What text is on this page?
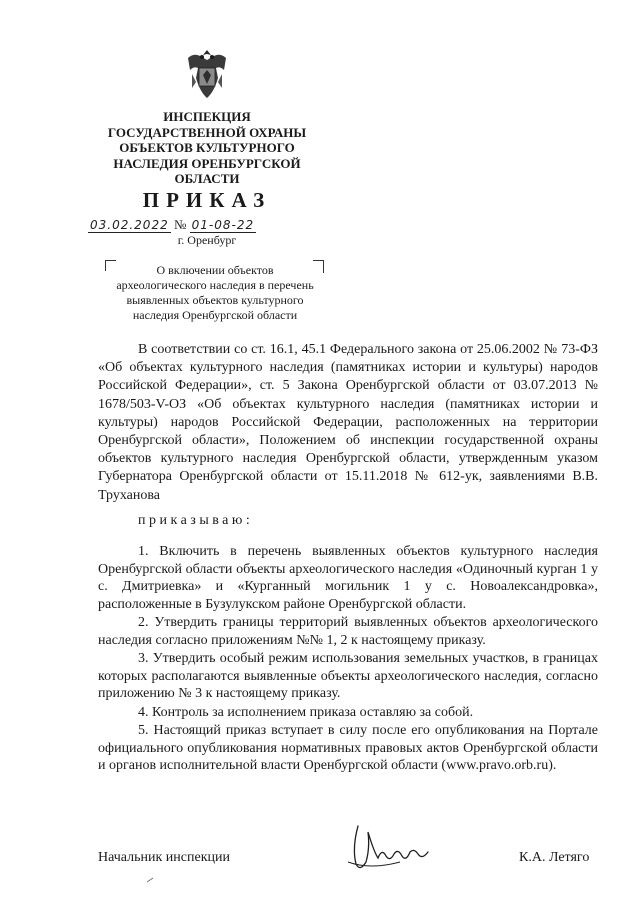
ИНСПЕКЦИЯ
ГОСУДАРСТВЕННОЙ ОХРАНЫ
ОБЪЕКТОВ КУЛЬТУРНОГО
НАСЛЕДИЯ ОРЕНБУРГСКОЙ
ОБЛАСТИ
ПРИКАЗ
03.02.2022 № 01-08-22
г. Оренбург
О включении объектов
археологического наследия в перечень
выявленных объектов культурного
наследия Оренбургской области
В соответствии со ст. 16.1, 45.1 Федерального закона от 25.06.2002 № 73-ФЗ «Об объектах культурного наследия (памятниках истории и культуры) народов Российской Федерации», ст. 5 Закона Оренбургской области от 03.07.2013 № 1678/503-V-ОЗ «Об объектах культурного наследия (памятниках истории и культуры) народов Российской Федерации, расположенных на территории Оренбургской области», Положением об инспекции государственной охраны объектов культурного наследия Оренбургской области, утвержденным указом Губернатора Оренбургской области от 15.11.2018 № 612-ук, заявлениями В.В. Труханова
приказываю:

1. Включить в перечень выявленных объектов культурного наследия Оренбургской области объекты археологического наследия «Одиночный курган 1 у с. Дмитриевка» и «Курганный могильник 1 у с. Новоалександровка», расположенные в Бузулукском районе Оренбургской области.

2. Утвердить границы территорий выявленных объектов археологического наследия согласно приложениям №№ 1, 2 к настоящему приказу.

3. Утвердить особый режим использования земельных участков, в границах которых располагаются выявленные объекты археологического наследия, согласно приложению № 3 к настоящему приказу.

4. Контроль за исполнением приказа оставляю за собой.

5. Настоящий приказ вступает в силу после его опубликования на Портале официального опубликования нормативных правовых актов Оренбургской области и органов исполнительной власти Оренбургской области (www.pravo.orb.ru).

Начальник инспекции	К.А. Летяго
